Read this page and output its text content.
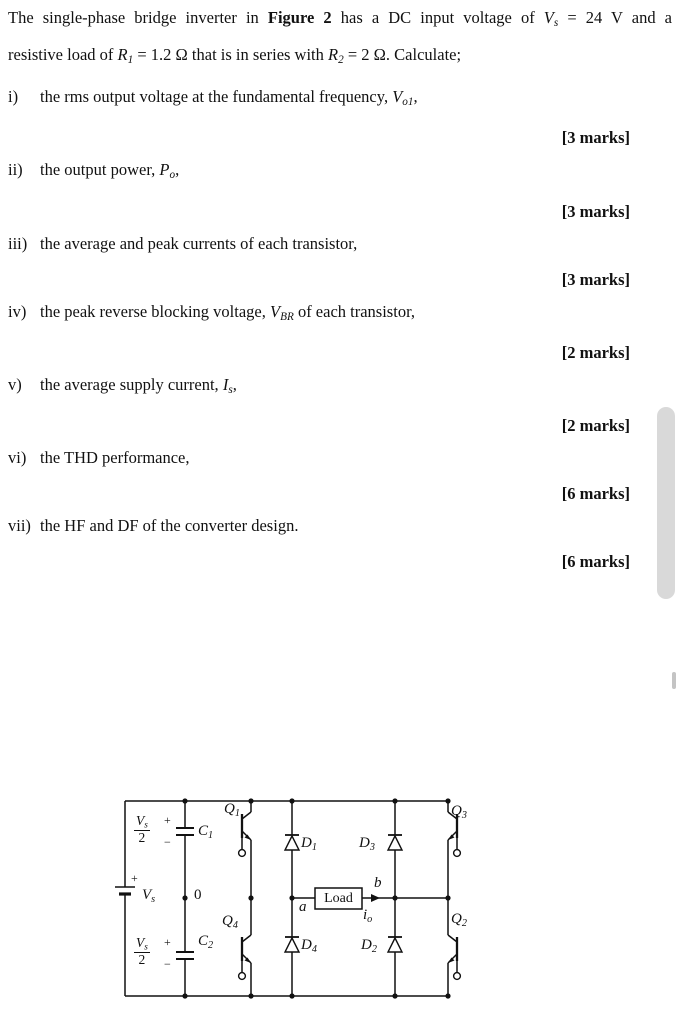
The single-phase bridge inverter in Figure 2 has a DC input voltage of Vs = 24 V and a
resistive load of R1 = 1.2 Ω that is in series with R2 = 2 Ω. Calculate;
i) the rms output voltage at the fundamental frequency, Vo1,
[3 marks]
ii) the output power, Po,
[3 marks]
iii) the average and peak currents of each transistor,
[3 marks]
iv) the peak reverse blocking voltage, VBR of each transistor,
[2 marks]
v) the average supply current, Is,
[2 marks]
vi) the THD performance,
[6 marks]
vii) the HF and DF of the converter design.
[6 marks]
$\frac{Vs}{2}$ +
−
C1
Q1
D1	D3
Q3
+
Vs	0
a
Load
b
io
$\frac{Vs}{2}$ +
−
C2
Q4
D4	D2
Q2
